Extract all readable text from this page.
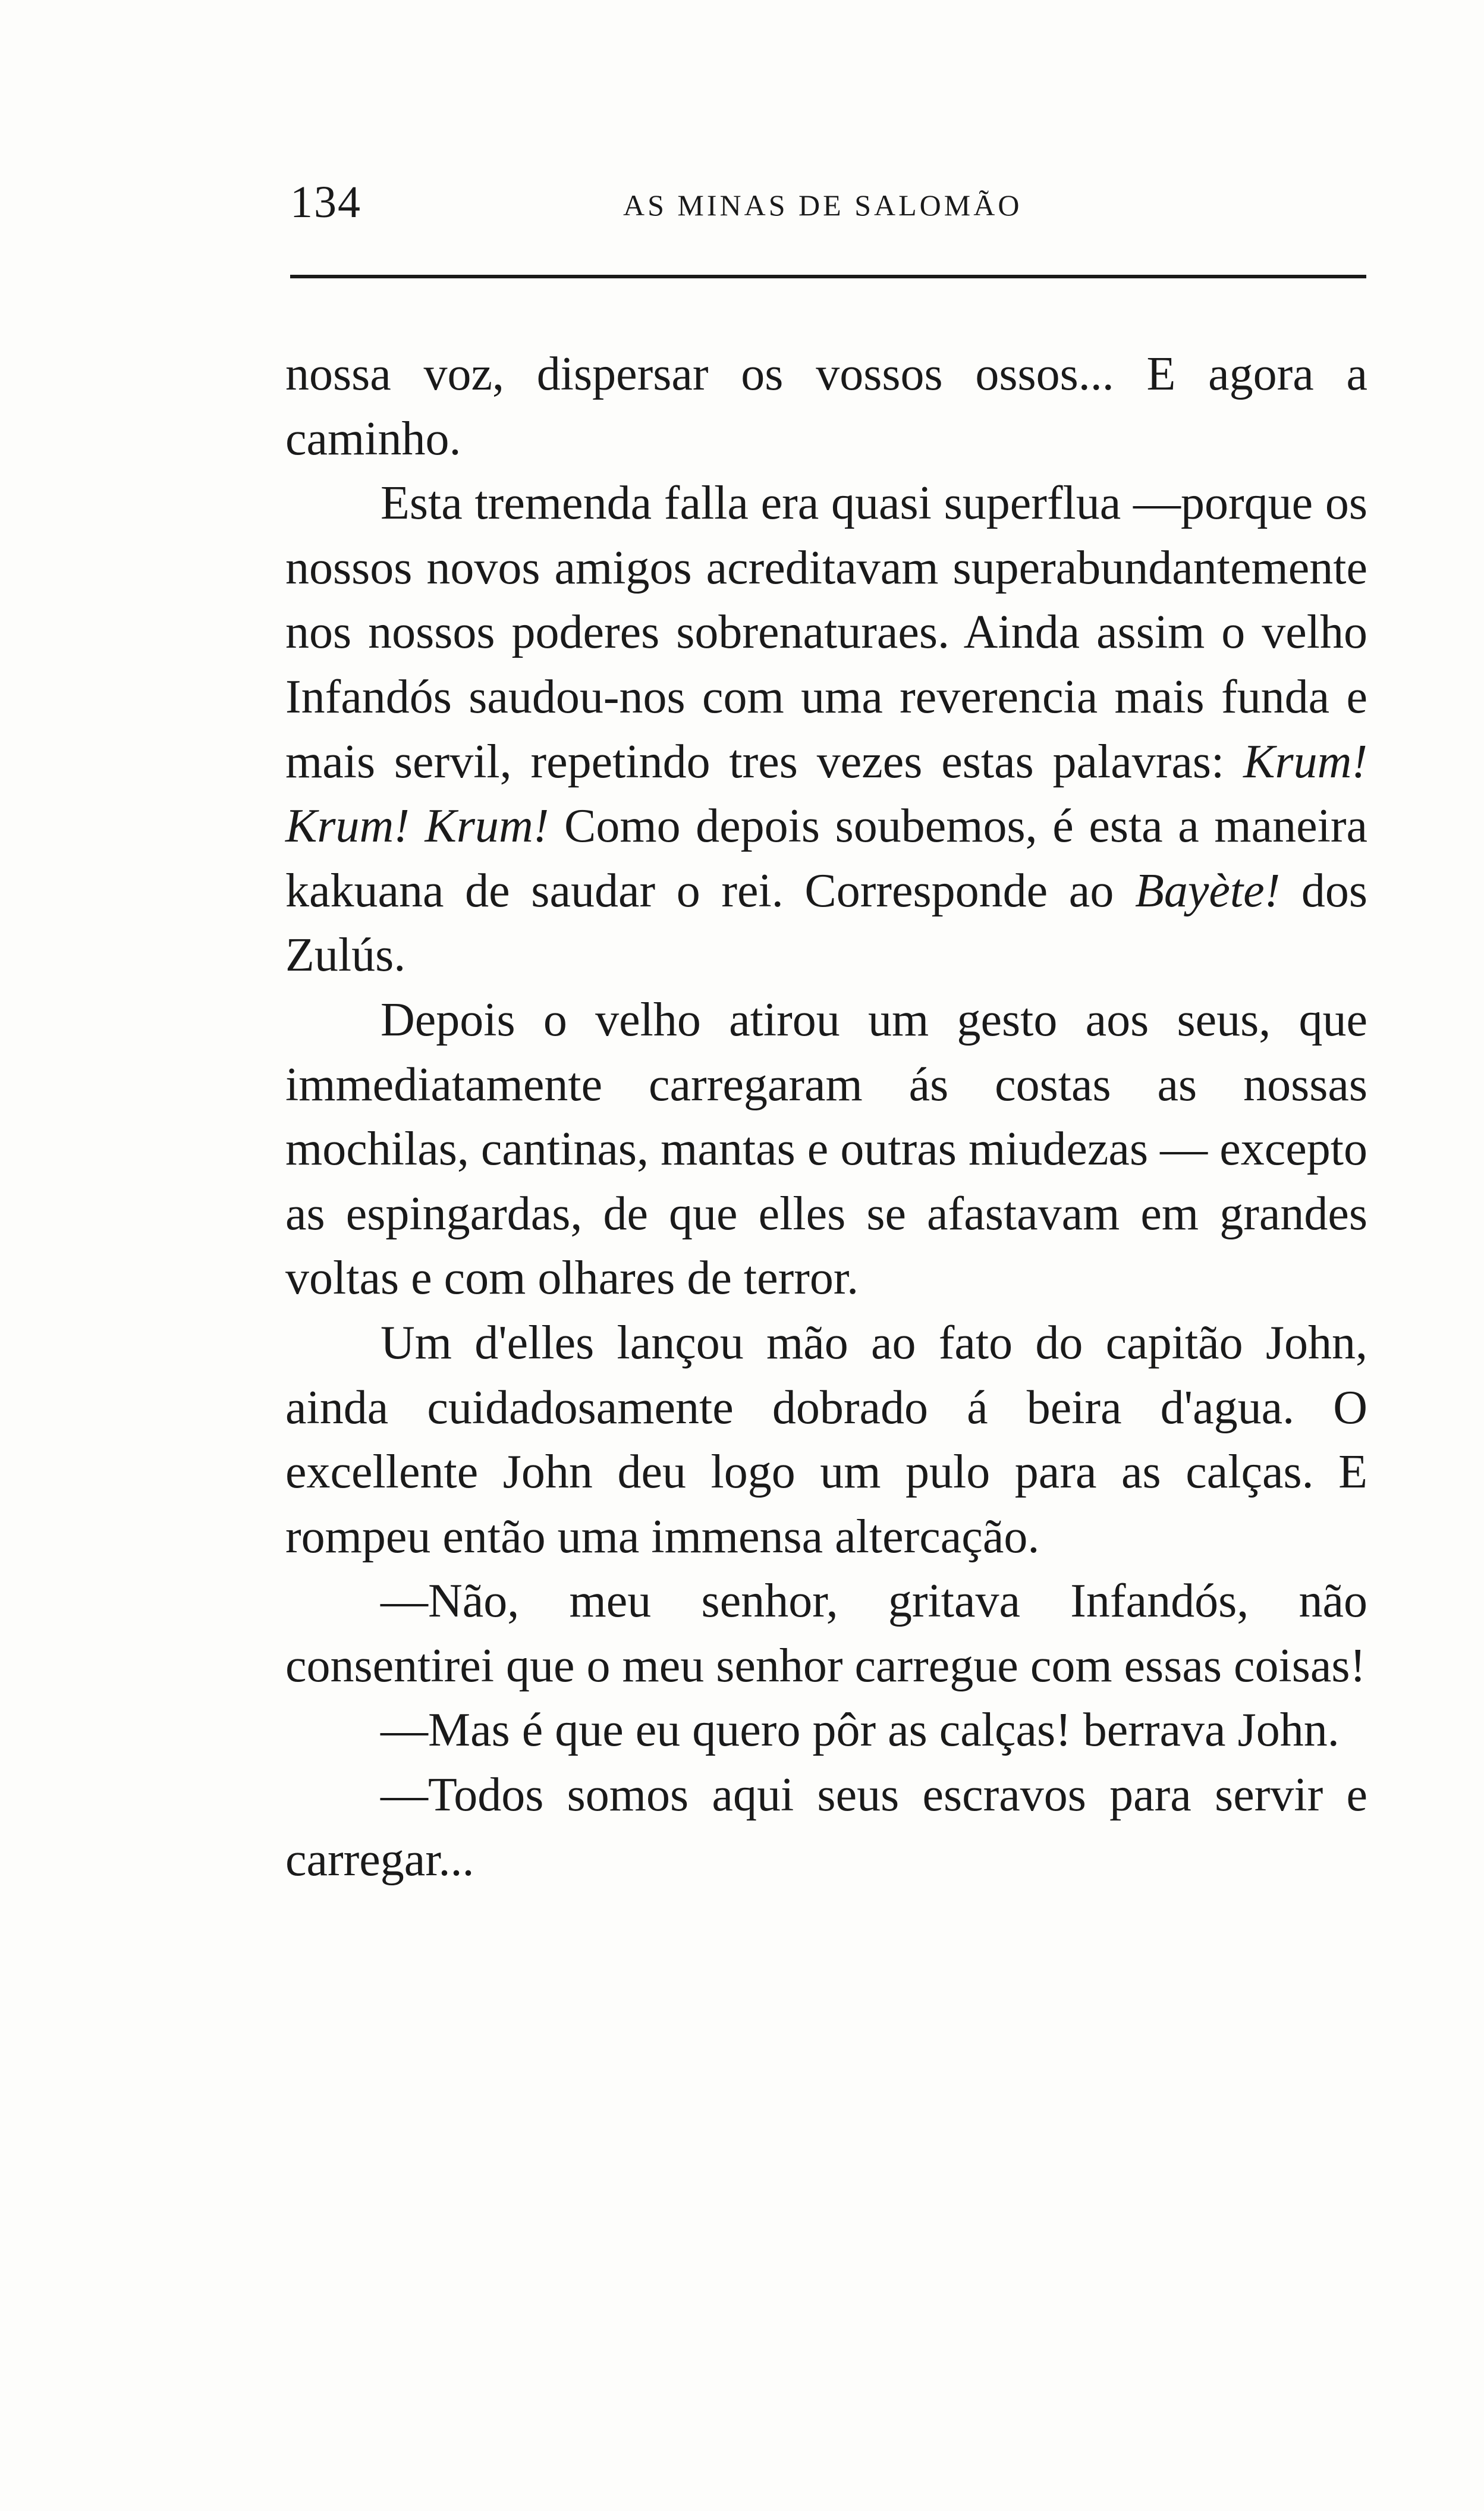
134	AS MINAS DE SALOMÃO

nossa voz, dispersar os vossos ossos... E agora a caminho.

Esta tremenda falla era quasi superflua —porque os nossos novos amigos acreditavam superabundantemente nos nossos poderes sobrenaturaes. Ainda assim o velho Infandós saudou-nos com uma reverencia mais funda e mais servil, repetindo tres vezes estas palavras: Krum! Krum! Krum! Como depois soubemos, é esta a maneira kakuana de saudar o rei. Corresponde ao Bayète! dos Zulús.

Depois o velho atirou um gesto aos seus, que immediatamente carregaram ás costas as nossas mochilas, cantinas, mantas e outras miudezas — excepto as espingardas, de que elles se afastavam em grandes voltas e com olhares de terror.

Um d'elles lançou mão ao fato do capitão John, ainda cuidadosamente dobrado á beira d'agua. O excellente John deu logo um pulo para as calças. E rompeu então uma immensa altercação.

—Não, meu senhor, gritava Infandós, não consentirei que o meu senhor carregue com essas coisas!

—Mas é que eu quero pôr as calças! berrava John.

—Todos somos aqui seus escravos para servir e carregar...
